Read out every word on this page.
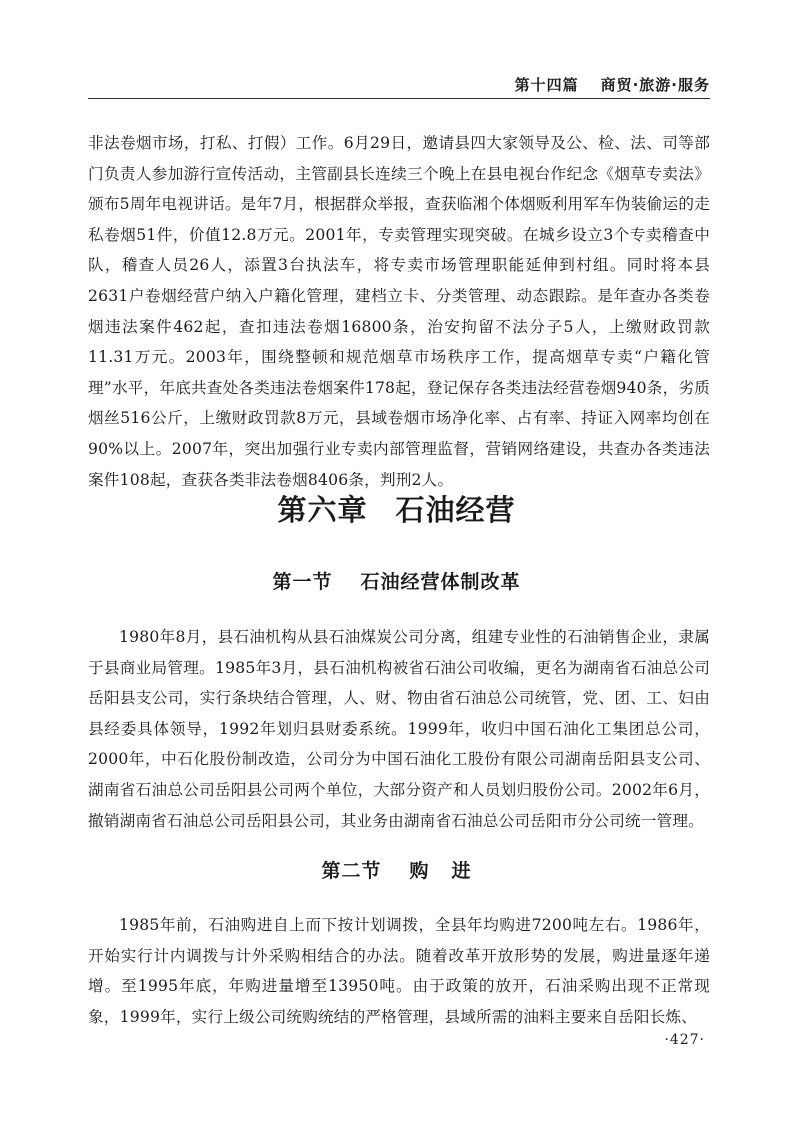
第十四篇 商贸·旅游·服务

非法卷烟市场，打私、打假）工作。6月29日，邀请县四大家领导及公、检、法、司等部门负责人参加游行宣传活动，主管副县长连续三个晚上在县电视台作纪念《烟草专卖法》颁布5周年电视讲话。是年7月，根据群众举报，查获临湘个体烟贩利用军车伪装偷运的走私卷烟51件，价值12.8万元。2001年，专卖管理实现突破。在城乡设立3个专卖稽查中队，稽查人员26人，添置3台执法车，将专卖市场管理职能延伸到村组。同时将本县2631户卷烟经营户纳入户籍化管理，建档立卡、分类管理、动态跟踪。是年查办各类卷烟违法案件462起，查扣违法卷烟16800条，治安拘留不法分子5人，上缴财政罚款11.31万元。2003年，围绕整顿和规范烟草市场秩序工作，提高烟草专卖“户籍化管理”水平，年底共查处各类违法卷烟案件178起，登记保存各类违法经营卷烟940条，劣质烟丝516公斤，上缴财政罚款8万元，县域卷烟市场净化率、占有率、持证入网率均创在90%以上。2007年，突出加强行业专卖内部管理监督，营销网络建设，共查办各类违法案件108起，查获各类非法卷烟8406条，判刑2人。

第六章 石油经营
第一节 石油经营体制改革

1980年8月，县石油机构从县石油煤炭公司分离，组建专业性的石油销售企业，隶属于县商业局管理。1985年3月，县石油机构被省石油公司收编，更名为湖南省石油总公司岳阳县支公司，实行条块结合管理，人、财、物由省石油总公司统管，党、团、工、妇由县经委具体领导，1992年划归县财委系统。1999年，收归中国石油化工集团总公司，2000年，中石化股份制改造，公司分为中国石油化工股份有限公司湖南岳阳县支公司、湖南省石油总公司岳阳县公司两个单位，大部分资产和人员划归股份公司。2002年6月，撤销湖南省石油总公司岳阳县公司，其业务由湖南省石油总公司岳阳市分公司统一管理。

第二节 购 进

1985年前，石油购进自上而下按计划调拨，全县年均购进7200吨左右。1986年，开始实行计内调拨与计外采购相结合的办法。随着改革开放形势的发展，购进量逐年递增。至1995年底，年购进量增至13950吨。由于政策的放开，石油采购出现不正常现象，1999年，实行上级公司统购统结的严格管理，县域所需的油料主要来自岳阳长炼、

·427·
